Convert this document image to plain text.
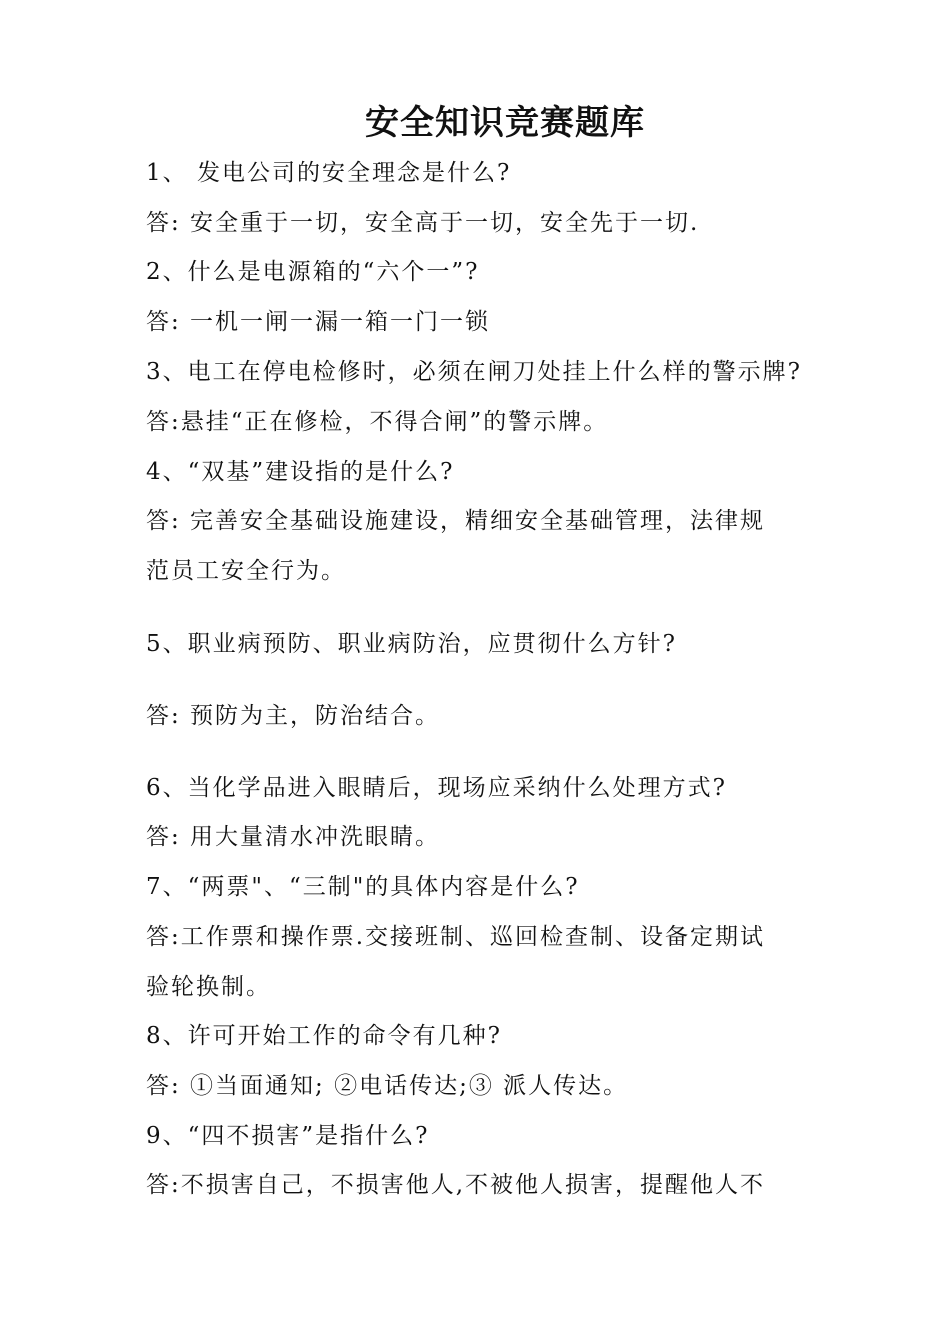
安全知识竞赛题库
1、 发电公司的安全理念是什么?
答: 安全重于一切，安全高于一切，安全先于一切.
2、什么是电源箱的“六个一”?
答: 一机一闸一漏一箱一门一锁
3、电工在停电检修时，必须在闸刀处挂上什么样的警示牌?
答:悬挂“正在修检，不得合闸”的警示牌。
4、“双基”建设指的是什么?
答: 完善安全基础设施建设，精细安全基础管理，法律规
范员工安全行为。
5、职业病预防、职业病防治，应贯彻什么方针?
答: 预防为主，防治结合。
6、当化学品进入眼睛后，现场应采纳什么处理方式?
答: 用大量清水冲洗眼睛。
7、“两票"、“三制"的具体内容是什么?
答:工作票和操作票.交接班制、巡回检查制、设备定期试
验轮换制。
8、许可开始工作的命令有几种?
答: ①当面通知; ②电话传达;③ 派人传达。
9、“四不损害”是指什么?
答:不损害自己，不损害他人,不被他人损害，提醒他人不
